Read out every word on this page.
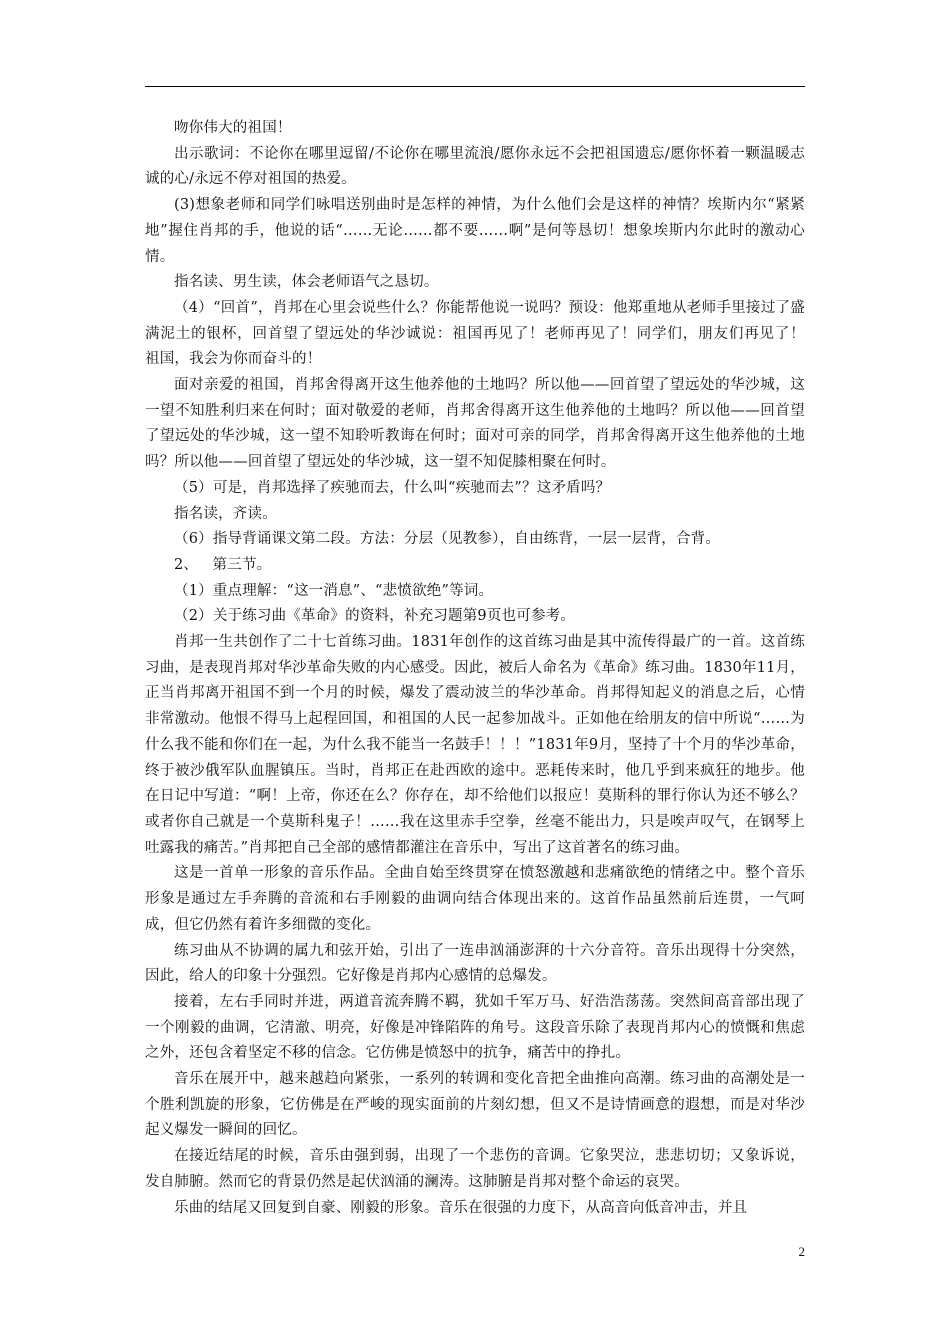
吻你伟大的祖国！

出示歌词：不论你在哪里逗留/不论你在哪里流浪/愿你永远不会把祖国遗忘/愿你怀着一颗温暖志诚的心/永远不停对祖国的热爱。

(3)想象老师和同学们咏唱送别曲时是怎样的神情，为什么他们会是这样的神情？埃斯内尔“紧紧地”握住肖邦的手，他说的话“……无论……都不要……啊”是何等恳切！想象埃斯内尔此时的激动心情。

指名读、男生读，体会老师语气之恳切。

（4）“回首”，肖邦在心里会说些什么？你能帮他说一说吗？预设：他郑重地从老师手里接过了盛满泥土的银杯，回首望了望远处的华沙诚说：祖国再见了！老师再见了！同学们，朋友们再见了！        祖国，我会为你而奋斗的！

面对亲爱的祖国，肖邦舍得离开这生他养他的土地吗？所以他——回首望了望远处的华沙城，这一望不知胜利归来在何时；面对敬爱的老师，肖邦舍得离开这生他养他的土地吗？所以他——回首望了望远处的华沙城，这一望不知聆听教诲在何时；面对可亲的同学，肖邦舍得离开这生他养他的土地吗？所以他——回首望了望远处的华沙城，这一望不知促膝相聚在何时。

（5）可是，肖邦选择了疾驰而去，什么叫“疾驰而去”？这矛盾吗？

指名读，齐读。

（6）指导背诵课文第二段。方法：分层（见教参），自由练背，一层一层背，合背。

2、   第三节。

（1）重点理解：“这一消息”、“悲愤欲绝”等词。

（2）关于练习曲《革命》的资料，补充习题第9页也可参考。

肖邦一生共创作了二十七首练习曲。1831年创作的这首练习曲是其中流传得最广的一首。这首练习曲，是表现肖邦对华沙革命失败的内心感受。因此，被后人命名为《革命》练习曲。1830年11月，正当肖邦离开祖国不到一个月的时候，爆发了震动波兰的华沙革命。肖邦得知起义的消息之后，心情非常激动。他恨不得马上起程回国，和祖国的人民一起参加战斗。正如他在给朋友的信中所说“……为什么我不能和你们在一起，为什么我不能当一名鼓手！！！”1831年9月，坚持了十个月的华沙革命，终于被沙俄军队血腥镇压。当时，肖邦正在赴西欧的途中。恶耗传来时，他几乎到来疯狂的地步。他在日记中写道：“啊！上帝，你还在么？你存在，却不给他们以报应！莫斯科的罪行你认为还不够么？或者你自己就是一个莫斯科鬼子！……我在这里赤手空拳，丝毫不能出力，只是唉声叹气，在钢琴上吐露我的痛苦。”肖邦把自己全部的感情都灌注在音乐中，写出了这首著名的练习曲。

这是一首单一形象的音乐作品。全曲自始至终贯穿在愤怒激越和悲痛欲绝的情绪之中。整个音乐形象是通过左手奔腾的音流和右手刚毅的曲调向结合体现出来的。这首作品虽然前后连贯，一气呵成，但它仍然有着许多细微的变化。

练习曲从不协调的属九和弦开始，引出了一连串汹涌澎湃的十六分音符。音乐出现得十分突然，因此，给人的印象十分强烈。它好像是肖邦内心感情的总爆发。

接着，左右手同时并进，两道音流奔腾不羁，犹如千军万马、好浩浩荡荡。突然间高音部出现了一个刚毅的曲调，它清澈、明亮，好像是冲锋陷阵的角号。这段音乐除了表现肖邦内心的愤慨和焦虑之外，还包含着坚定不移的信念。它仿佛是愤怒中的抗争，痛苦中的挣扎。

音乐在展开中，越来越趋向紧张，一系列的转调和变化音把全曲推向高潮。练习曲的高潮处是一个胜利凯旋的形象，它仿佛是在严峻的现实面前的片刻幻想，但又不是诗情画意的遐想，而是对华沙起义爆发一瞬间的回忆。

在接近结尾的时候，音乐由强到弱，出现了一个悲伤的音调。它象哭泣，悲悲切切；又象诉说，发自肺腑。然而它的背景仍然是起伏汹涌的澜涛。这肺腑是肖邦对整个命运的哀哭。

乐曲的结尾又回复到自豪、刚毅的形象。音乐在很强的力度下，从高音向低音冲击，并且

2
